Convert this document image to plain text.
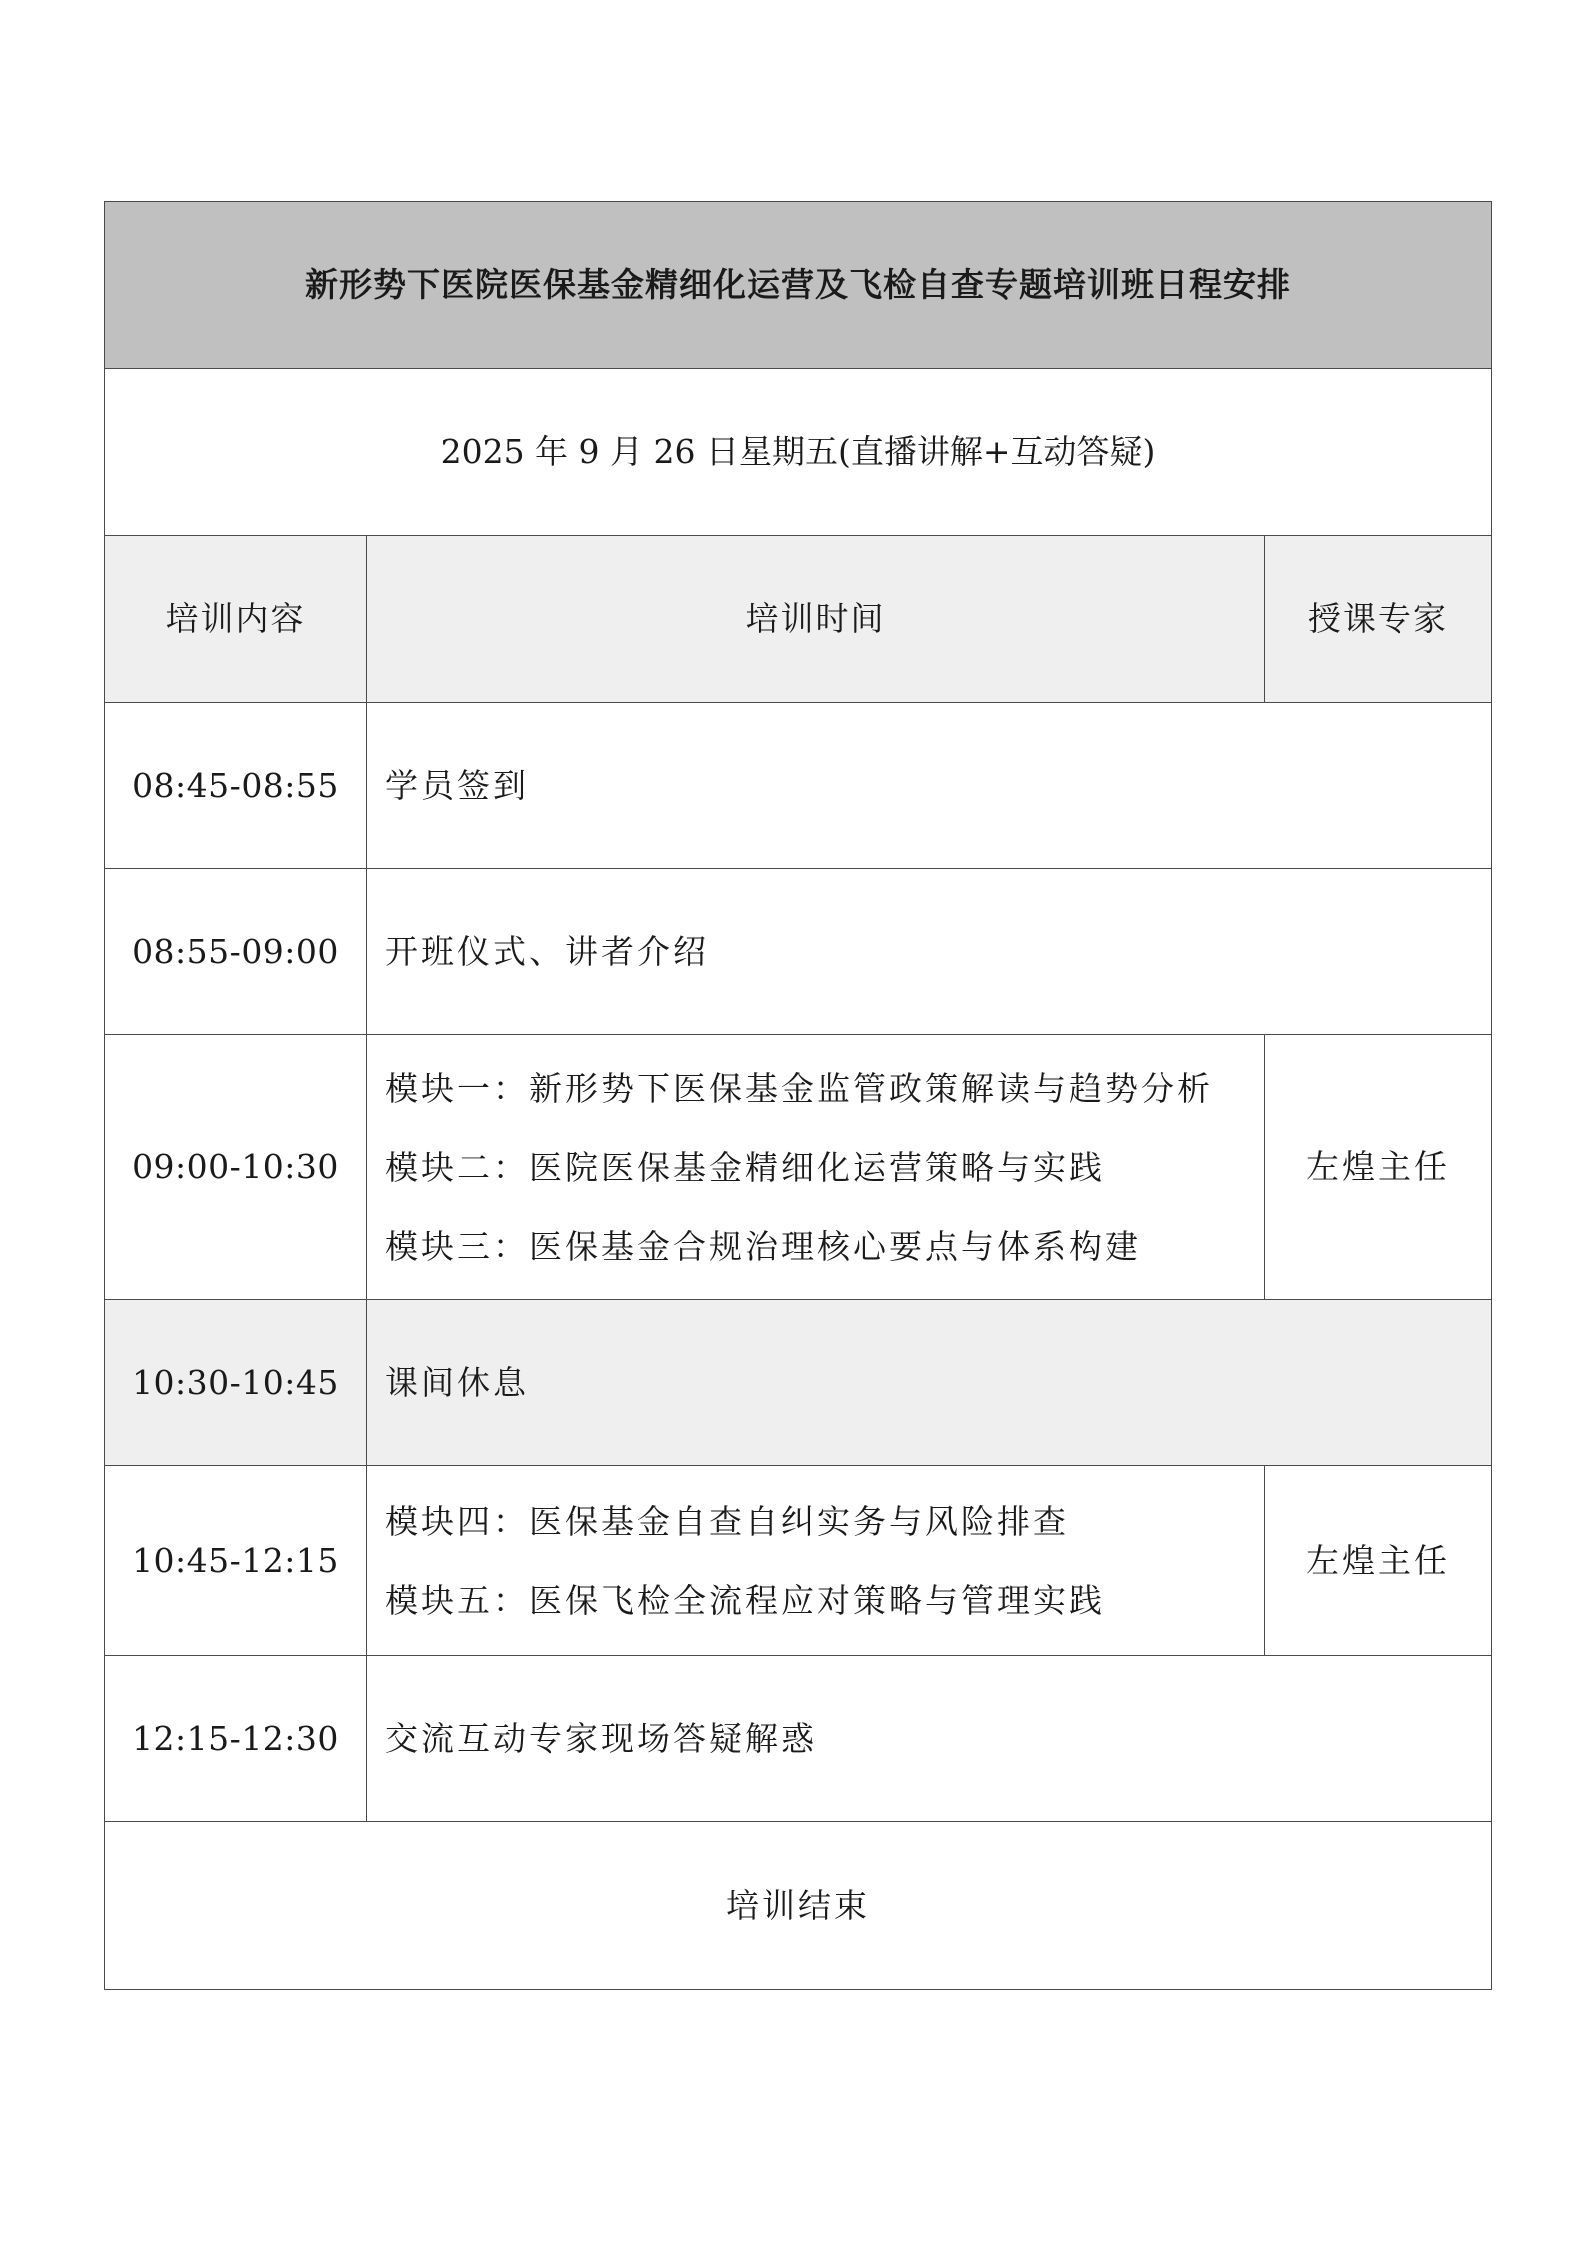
新形势下医院医保基金精细化运营及飞检自查专题培训班日程安排		
2025 年 9 月 26 日星期五(直播讲解+互动答疑)		
培训内容	培训时间	授课专家
08:45-08:55	学员签到	

08:55-09:00	开班仪式、讲者介绍	

09:00-10:30	模块一：新形势下医保基金监管政策解读与趋势分析
模块二：医院医保基金精细化运营策略与实践
模块三：医保基金合规治理核心要点与体系构建	左煌主任
10:30-10:45	课间休息	

10:45-12:15	模块四：医保基金自查自纠实务与风险排查
模块五：医保飞检全流程应对策略与管理实践	左煌主任
12:15-12:30	交流互动专家现场答疑解惑	

培训结束		
